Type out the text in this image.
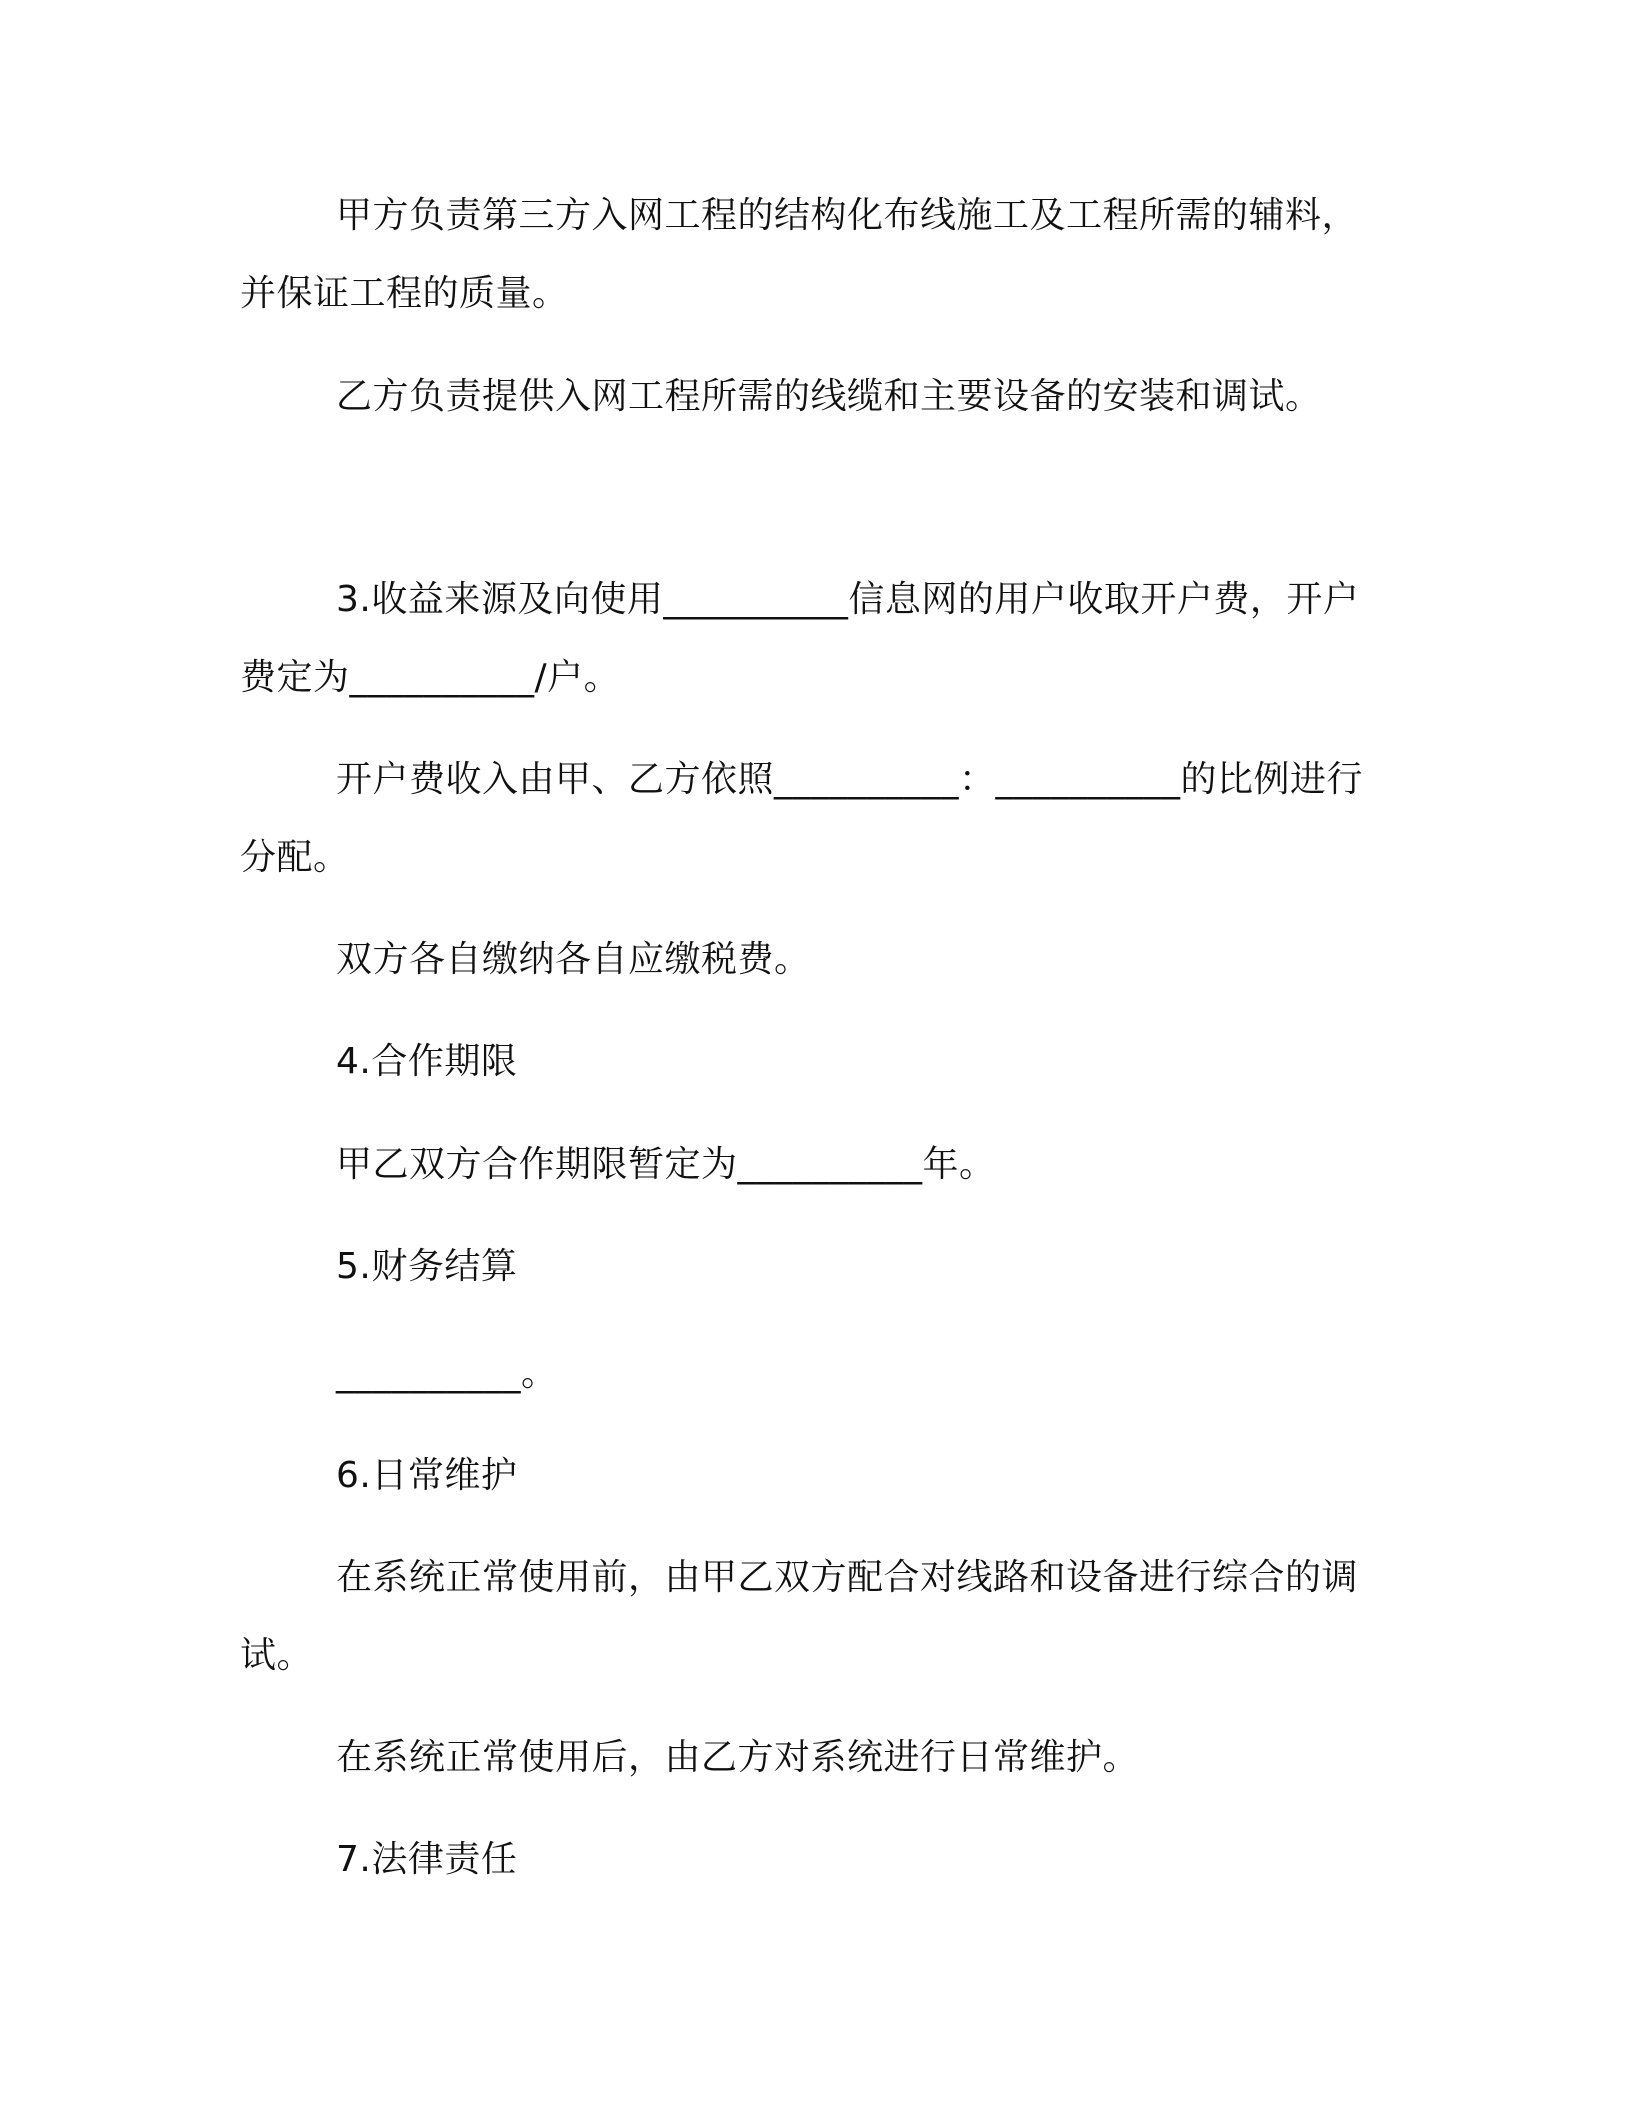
甲方负责第三方入网工程的结构化布线施工及工程所需的辅料，
并保证工程的质量。
乙方负责提供入网工程所需的线缆和主要设备的安装和调试。
3.收益来源及向使用__________信息网的用户收取开户费，开户
费定为__________/户。
开户费收入由甲、乙方依照__________：__________的比例进行
分配。
双方各自缴纳各自应缴税费。
4.合作期限
甲乙双方合作期限暂定为__________年。
5.财务结算
__________。
6.日常维护
在系统正常使用前，由甲乙双方配合对线路和设备进行综合的调
试。
在系统正常使用后，由乙方对系统进行日常维护。
7.法律责任
